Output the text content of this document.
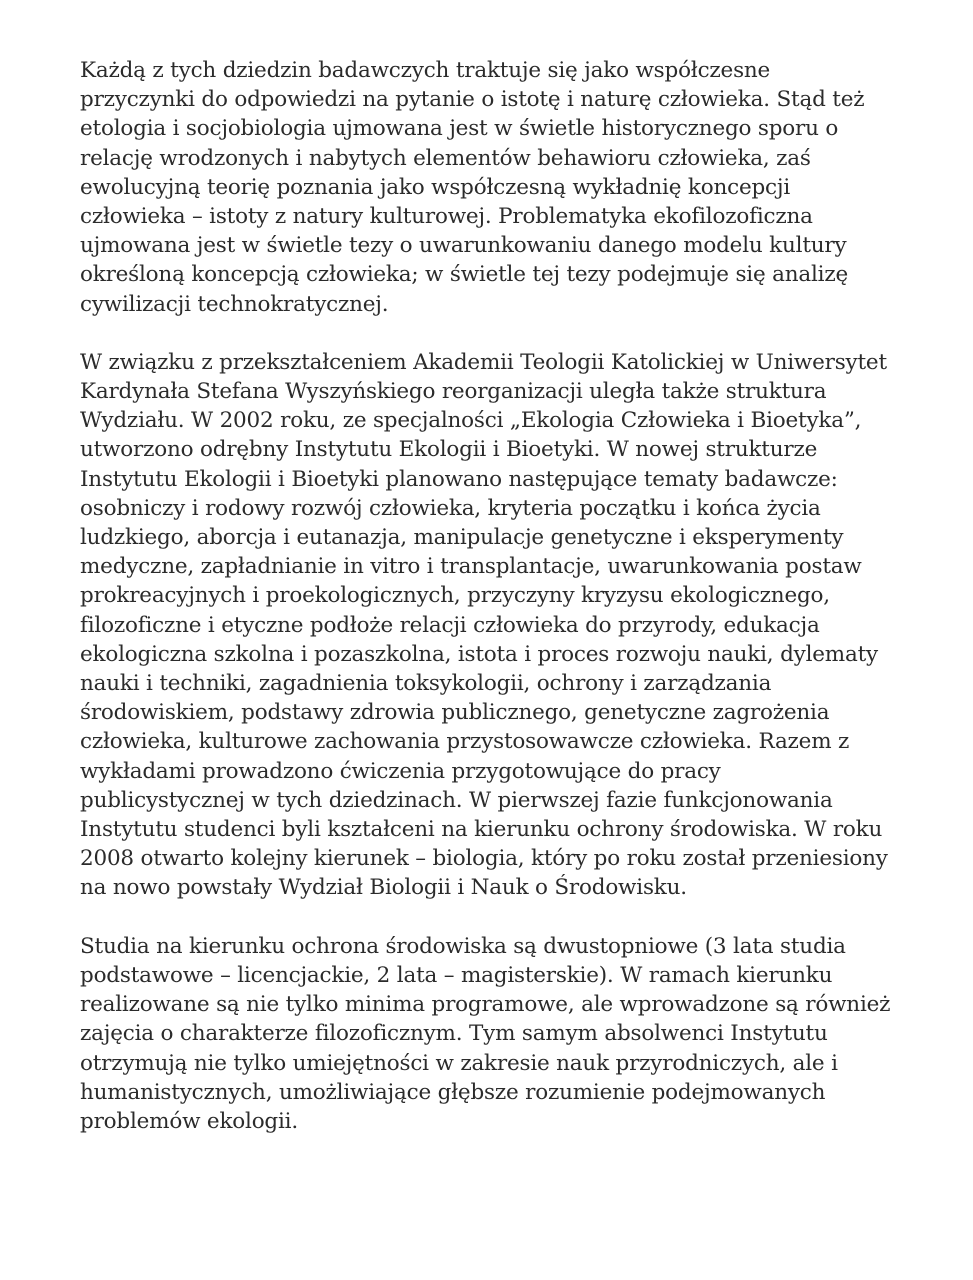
Każdą z tych dziedzin badawczych traktuje się jako współczesne
przyczynki do odpowiedzi na pytanie o istotę i naturę człowieka. Stąd też
etologia i socjobiologia ujmowana jest w świetle historycznego sporu o
relację wrodzonych i nabytych elementów behawioru człowieka, zaś
ewolucyjną teorię poznania jako współczesną wykładnię koncepcji
człowieka – istoty z natury kulturowej. Problematyka ekofilozoficzna
ujmowana jest w świetle tezy o uwarunkowaniu danego modelu kultury
określoną koncepcją człowieka; w świetle tej tezy podejmuje się analizę
cywilizacji technokratycznej.

W związku z przekształceniem Akademii Teologii Katolickiej w Uniwersytet
Kardynała Stefana Wyszyńskiego reorganizacji uległa także struktura
Wydziału. W 2002 roku, ze specjalności „Ekologia Człowieka i Bioetyka”,
utworzono odrębny Instytutu Ekologii i Bioetyki. W nowej strukturze
Instytutu Ekologii i Bioetyki planowano następujące tematy badawcze:
osobniczy i rodowy rozwój człowieka, kryteria początku i końca życia
ludzkiego, aborcja i eutanazja, manipulacje genetyczne i eksperymenty
medyczne, zapładnianie in vitro i transplantacje, uwarunkowania postaw
prokreacyjnych i proekologicznych, przyczyny kryzysu ekologicznego,
filozoficzne i etyczne podłoże relacji człowieka do przyrody, edukacja
ekologiczna szkolna i pozaszkolna, istota i proces rozwoju nauki, dylematy
nauki i techniki, zagadnienia toksykologii, ochrony i zarządzania
środowiskiem, podstawy zdrowia publicznego, genetyczne zagrożenia
człowieka, kulturowe zachowania przystosowawcze człowieka. Razem z
wykładami prowadzono ćwiczenia przygotowujące do pracy
publicystycznej w tych dziedzinach. W pierwszej fazie funkcjonowania
Instytutu studenci byli kształceni na kierunku ochrony środowiska. W roku
2008 otwarto kolejny kierunek – biologia, który po roku został przeniesiony
na nowo powstały Wydział Biologii i Nauk o Środowisku.

Studia na kierunku ochrona środowiska są dwustopniowe (3 lata studia
podstawowe – licencjackie, 2 lata – magisterskie). W ramach kierunku
realizowane są nie tylko minima programowe, ale wprowadzone są również
zajęcia o charakterze filozoficznym. Tym samym absolwenci Instytutu
otrzymują nie tylko umiejętności w zakresie nauk przyrodniczych, ale i
humanistycznych, umożliwiające głębsze rozumienie podejmowanych
problemów ekologii.
